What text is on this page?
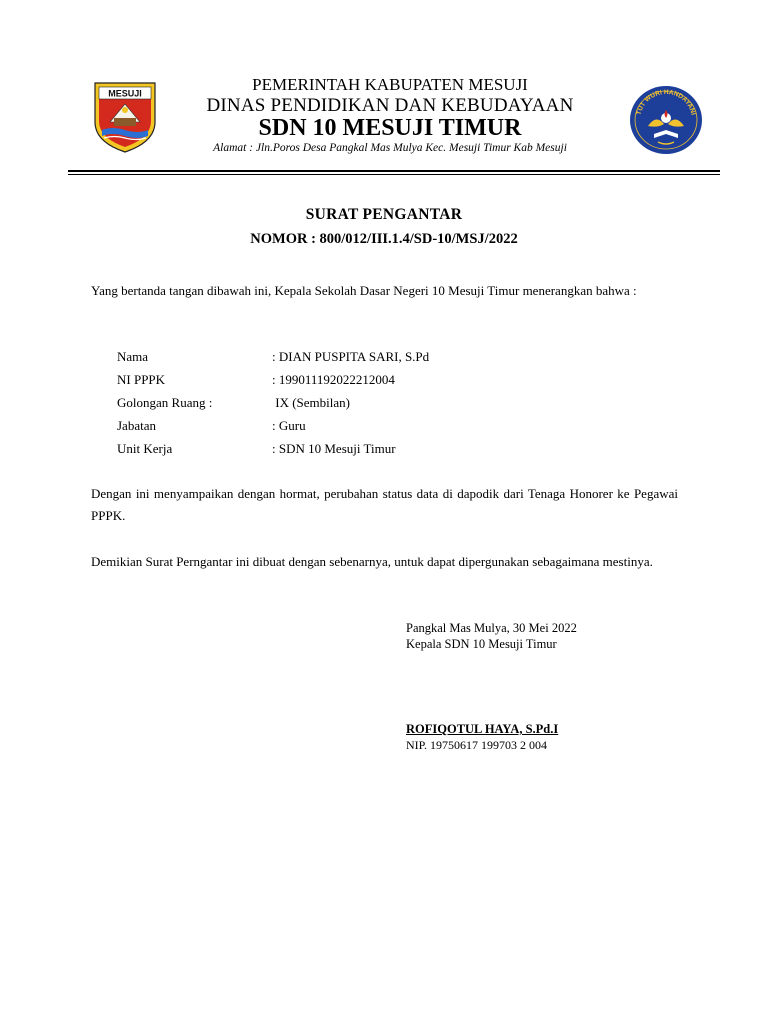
MESUJI
TUT WURI HANDAYANI
PEMERINTAH KABUPATEN MESUJI
DINAS PENDIDIKAN DAN KEBUDAYAAN
SDN 10 MESUJI TIMUR
Alamat : Jln.Poros Desa Pangkal Mas Mulya Kec. Mesuji Timur Kab Mesuji
SURAT PENGANTAR
NOMOR : 800/012/III.1.4/SD-10/MSJ/2022
Yang bertanda tangan dibawah ini, Kepala Sekolah Dasar Negeri 10 Mesuji Timur menerangkan bahwa :
Nama	: DIAN PUSPITA SARI, S.Pd
NI PPPK	: 199011192022212004
Golongan Ruang :	IX (Sembilan)
Jabatan	: Guru
Unit Kerja	: SDN 10 Mesuji Timur
Dengan ini menyampaikan dengan hormat, perubahan status data di dapodik dari Tenaga Honorer ke Pegawai PPPK.
Demikian Surat Perngantar ini dibuat dengan sebenarnya, untuk dapat dipergunakan sebagaimana mestinya.
Pangkal Mas Mulya, 30 Mei 2022
Kepala SDN 10 Mesuji Timur
ROFIQOTUL HAYA, S.Pd.I
NIP. 19750617 199703 2 004
